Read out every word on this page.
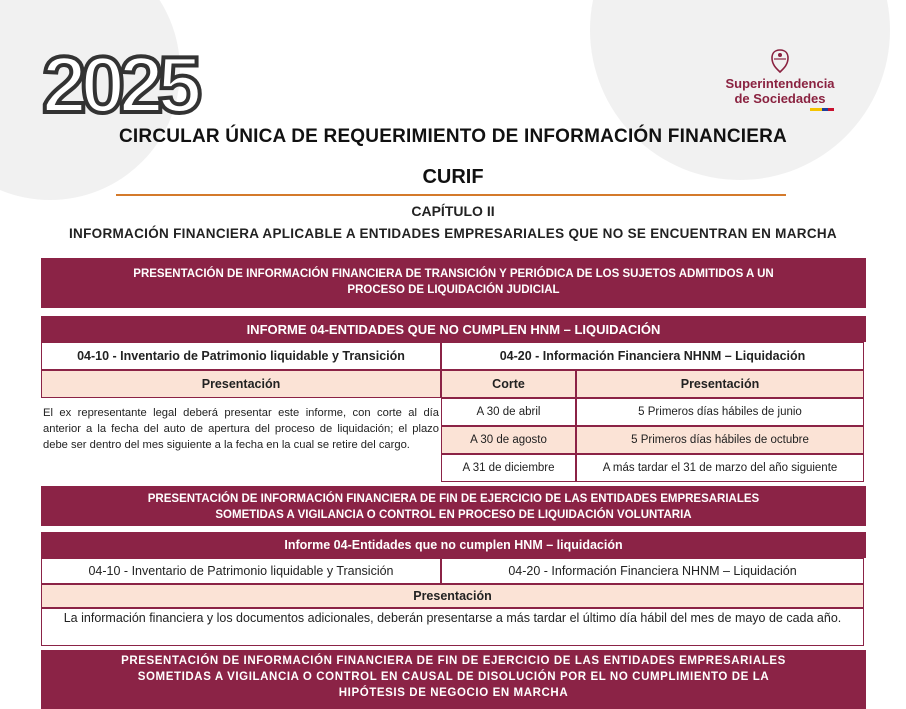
2025	Superintendencia
de Sociedades
CIRCULAR ÚNICA DE REQUERIMIENTO DE INFORMACIÓN FINANCIERA
CURIF
CAPÍTULO II
INFORMACIÓN FINANCIERA APLICABLE A ENTIDADES EMPRESARIALES QUE NO SE ENCUENTRAN EN MARCHA
PRESENTACIÓN DE INFORMACIÓN FINANCIERA DE TRANSICIÓN Y PERIÓDICA DE LOS SUJETOS ADMITIDOS A UN
PROCESO DE LIQUIDACIÓN JUDICIAL
INFORME 04-ENTIDADES QUE NO CUMPLEN HNM – LIQUIDACIÓN
04-10 - Inventario de Patrimonio liquidable y Transición	04-20 - Información Financiera NHNM – Liquidación
Presentación	Corte	Presentación
El ex representante legal deberá presentar este informe, con corte al día anterior a la fecha del auto de apertura del proceso de liquidación; el plazo debe ser dentro del mes siguiente a la fecha en la cual se retire del cargo.
A 30 de abril	5 Primeros días hábiles de junio
A 30 de agosto	5 Primeros días hábiles de octubre
A 31 de diciembre	A más tardar el 31 de marzo del año siguiente
PRESENTACIÓN DE INFORMACIÓN FINANCIERA DE FIN DE EJERCICIO DE LAS ENTIDADES EMPRESARIALES
SOMETIDAS A VIGILANCIA O CONTROL EN PROCESO DE LIQUIDACIÓN VOLUNTARIA
Informe 04-Entidades que no cumplen HNM – liquidación
04-10 - Inventario de Patrimonio liquidable y Transición	04-20 - Información Financiera NHNM – Liquidación
Presentación
La información financiera y los documentos adicionales, deberán presentarse a más tardar el último día hábil del mes de mayo de cada año.
PRESENTACIÓN DE INFORMACIÓN FINANCIERA DE FIN DE EJERCICIO DE LAS ENTIDADES EMPRESARIALES
SOMETIDAS A VIGILANCIA O CONTROL EN CAUSAL DE DISOLUCIÓN POR EL NO CUMPLIMIENTO DE LA
HIPÓTESIS DE NEGOCIO EN MARCHA
